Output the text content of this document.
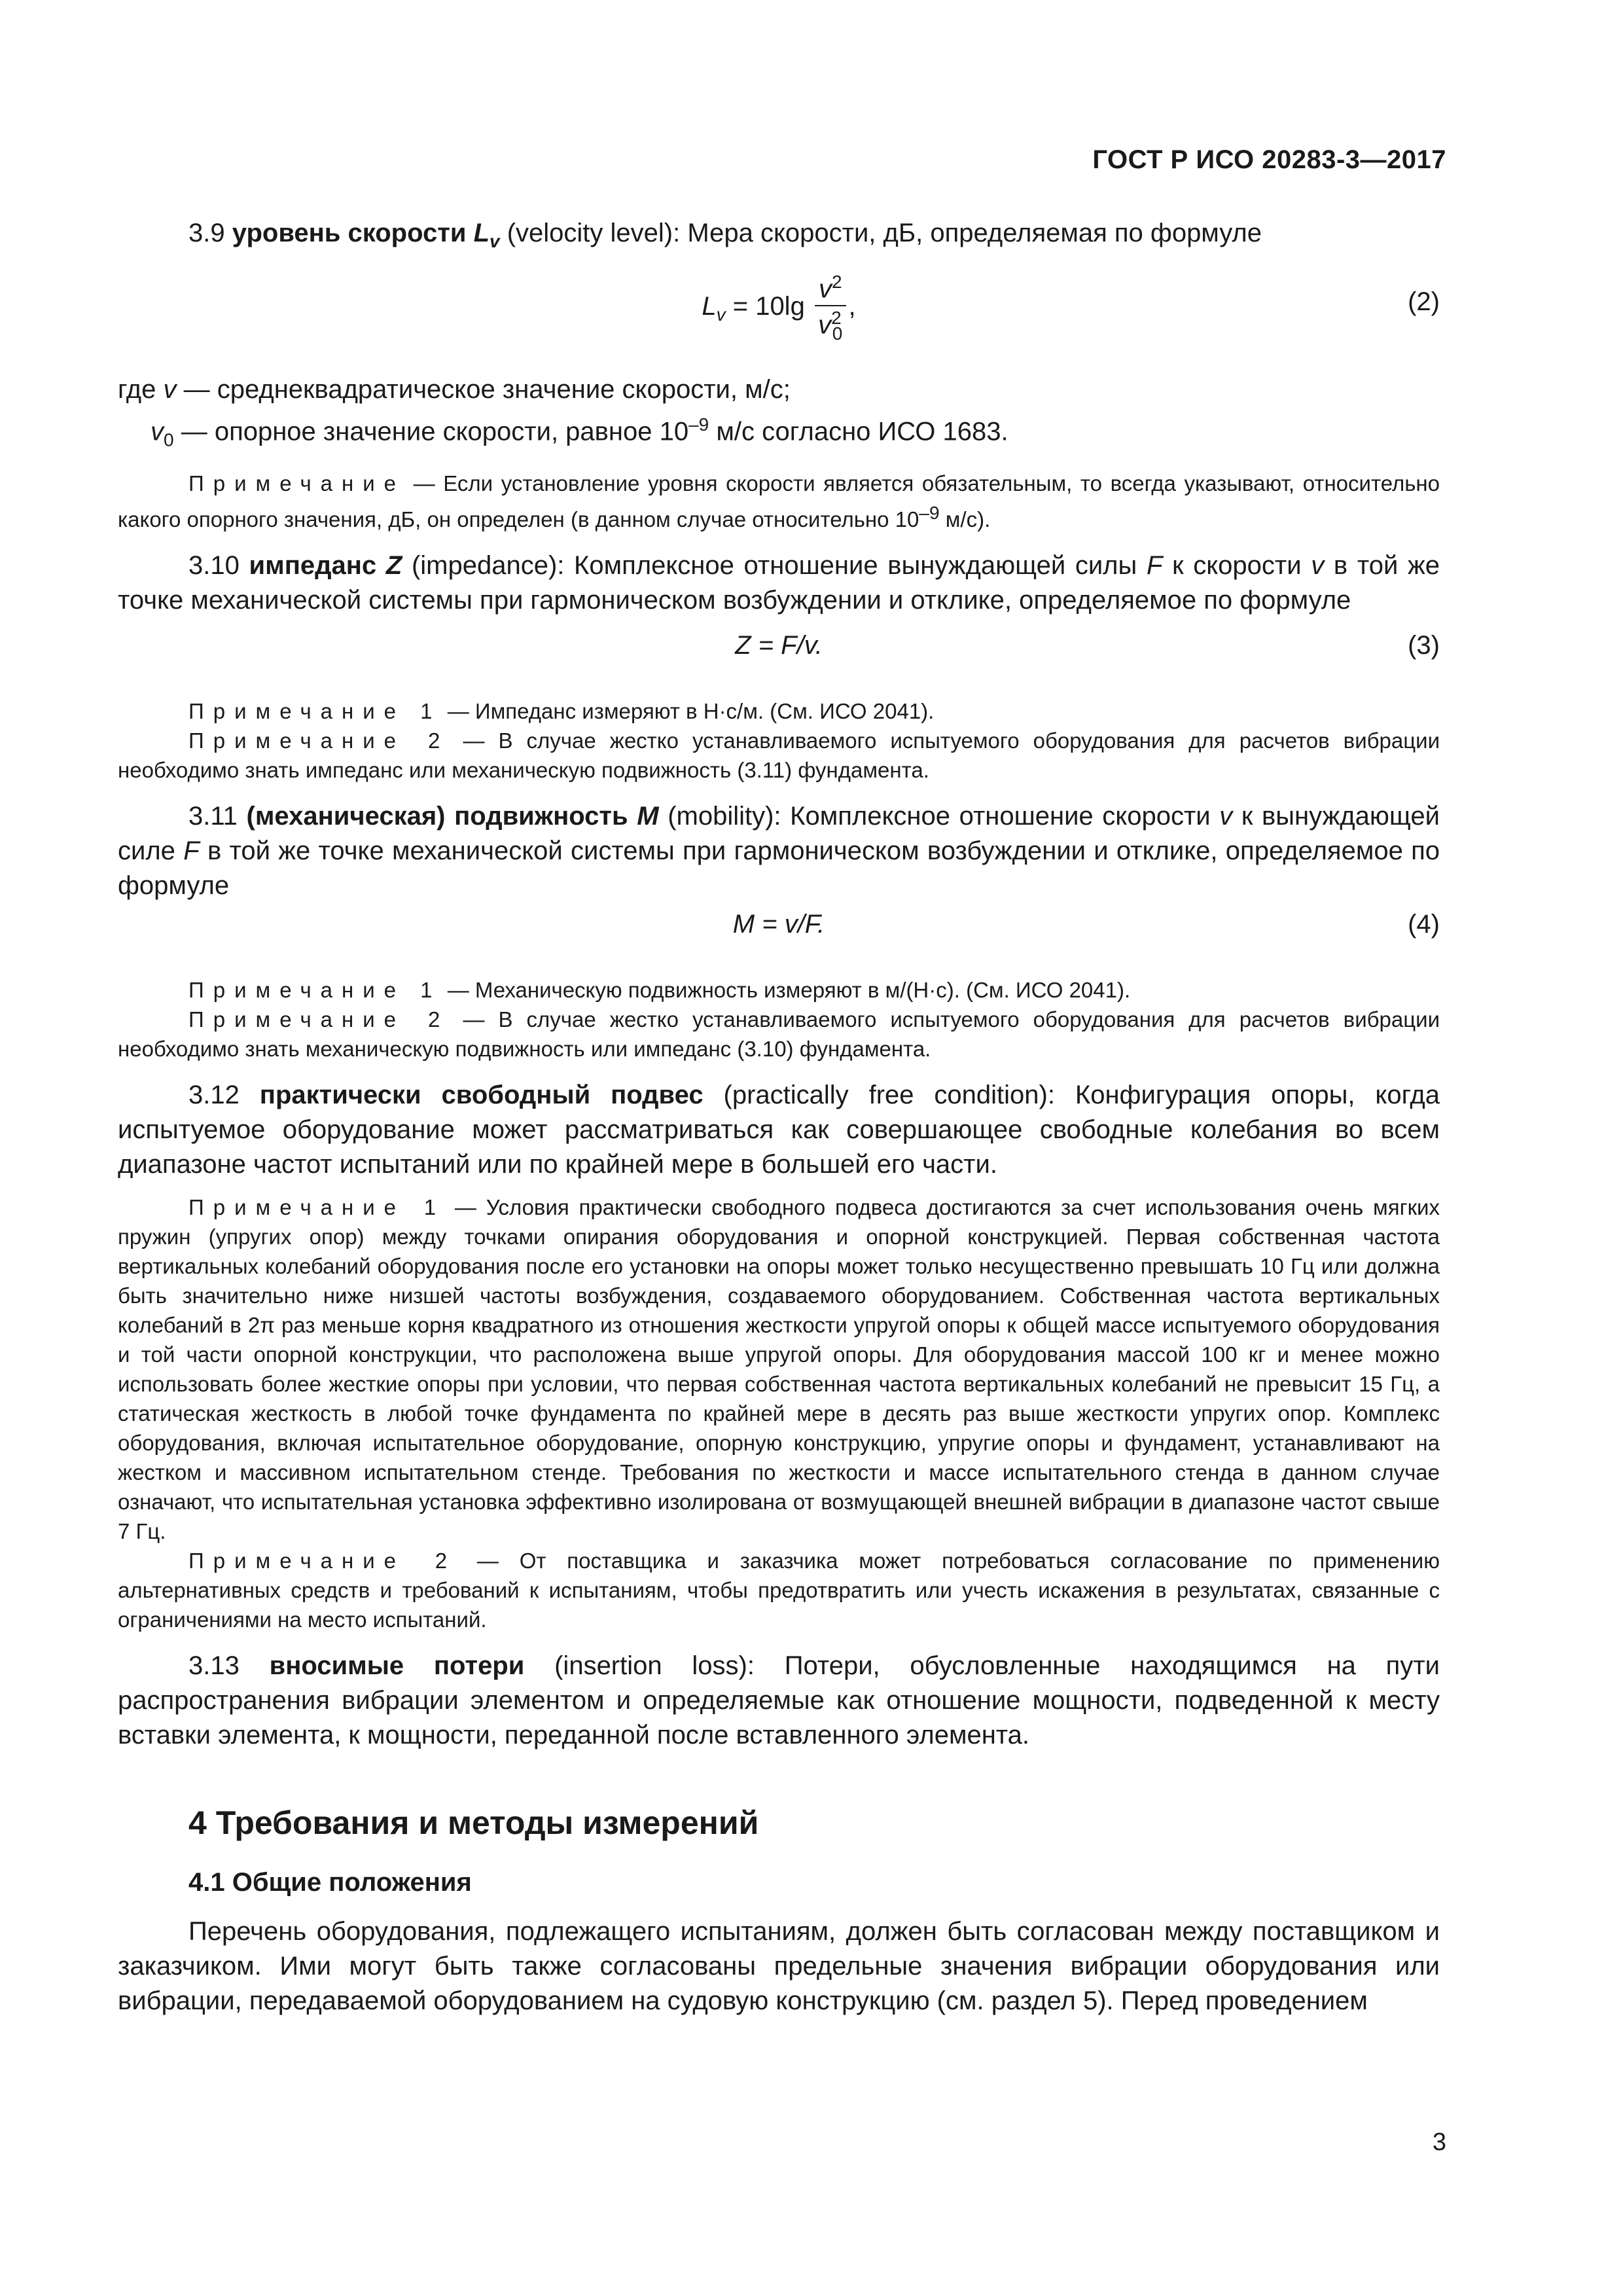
ГОСТ Р ИСО 20283-3—2017

3.9 уровень скорости $L_v$ (velocity level): Мера скорости, дБ, определяемая по формуле

$L_v = 10\lg \frac{v^2}{v^2_0}$ ,	(2)
где v — среднеквадратическое значение скорости, м/с;
$v_0$ — опорное значение скорости, равное $10^{-9}$ м/с согласно ИСО 1683.

Примечание — Если установление уровня скорости является обязательным, то всегда указывают, относительно какого опорного значения, дБ, он определен (в данном случае относительно $10^{-9}$ м/с).

3.10 импеданс Z (impedance): Комплексное отношение вынуждающей силы F к скорости v в той же точке механической системы при гармоническом возбуждении и отклике, определяемое по формуле

Z = F/v.	(3)

Примечание 1 — Импеданс измеряют в Н·с/м. (См. ИСО 2041).

Примечание 2 — В случае жестко устанавливаемого испытуемого оборудования для расчетов вибрации необходимо знать импеданс или механическую подвижность (3.11) фундамента.

3.11 (механическая) подвижность M (mobility): Комплексное отношение скорости v к вынуждающей силе F в той же точке механической системы при гармоническом возбуждении и отклике, определяемое по формуле

M = v/F.	(4)

Примечание 1 — Механическую подвижность измеряют в м/(Н·с). (См. ИСО 2041).

Примечание 2 — В случае жестко устанавливаемого испытуемого оборудования для расчетов вибрации необходимо знать механическую подвижность или импеданс (3.10) фундамента.

3.12 практически свободный подвес (practically free condition): Конфигурация опоры, когда испытуемое оборудование может рассматриваться как совершающее свободные колебания во всем диапазоне частот испытаний или по крайней мере в большей его части.

Примечание 1 — Условия практически свободного подвеса достигаются за счет использования очень мягких пружин (упругих опор) между точками опирания оборудования и опорной конструкцией. Первая собственная частота вертикальных колебаний оборудования после его установки на опоры может только несущественно превышать 10 Гц или должна быть значительно ниже низшей частоты возбуждения, создаваемого оборудованием. Собственная частота вертикальных колебаний в 2π раз меньше корня квадратного из отношения жесткости упругой опоры к общей массе испытуемого оборудования и той части опорной конструкции, что расположена выше упругой опоры. Для оборудования массой 100 кг и менее можно использовать более жесткие опоры при условии, что первая собственная частота вертикальных колебаний не превысит 15 Гц, а статическая жесткость в любой точке фундамента по крайней мере в десять раз выше жесткости упругих опор. Комплекс оборудования, включая испытательное оборудование, опорную конструкцию, упругие опоры и фундамент, устанавливают на жестком и массивном испытательном стенде. Требования по жесткости и массе испытательного стенда в данном случае означают, что испытательная установка эффективно изолирована от возмущающей внешней вибрации в диапазоне частот свыше 7 Гц.

Примечание 2 — От поставщика и заказчика может потребоваться согласование по применению альтернативных средств и требований к испытаниям, чтобы предотвратить или учесть искажения в результатах, связанные с ограничениями на место испытаний.

3.13 вносимые потери (insertion loss): Потери, обусловленные находящимся на пути распространения вибрации элементом и определяемые как отношение мощности, подведенной к месту вставки элемента, к мощности, переданной после вставленного элемента.

4 Требования и методы измерений
4.1 Общие положения

Перечень оборудования, подлежащего испытаниям, должен быть согласован между поставщиком и заказчиком. Ими могут быть также согласованы предельные значения вибрации оборудования или вибрации, передаваемой оборудованием на судовую конструкцию (см. раздел 5). Перед проведением

3
